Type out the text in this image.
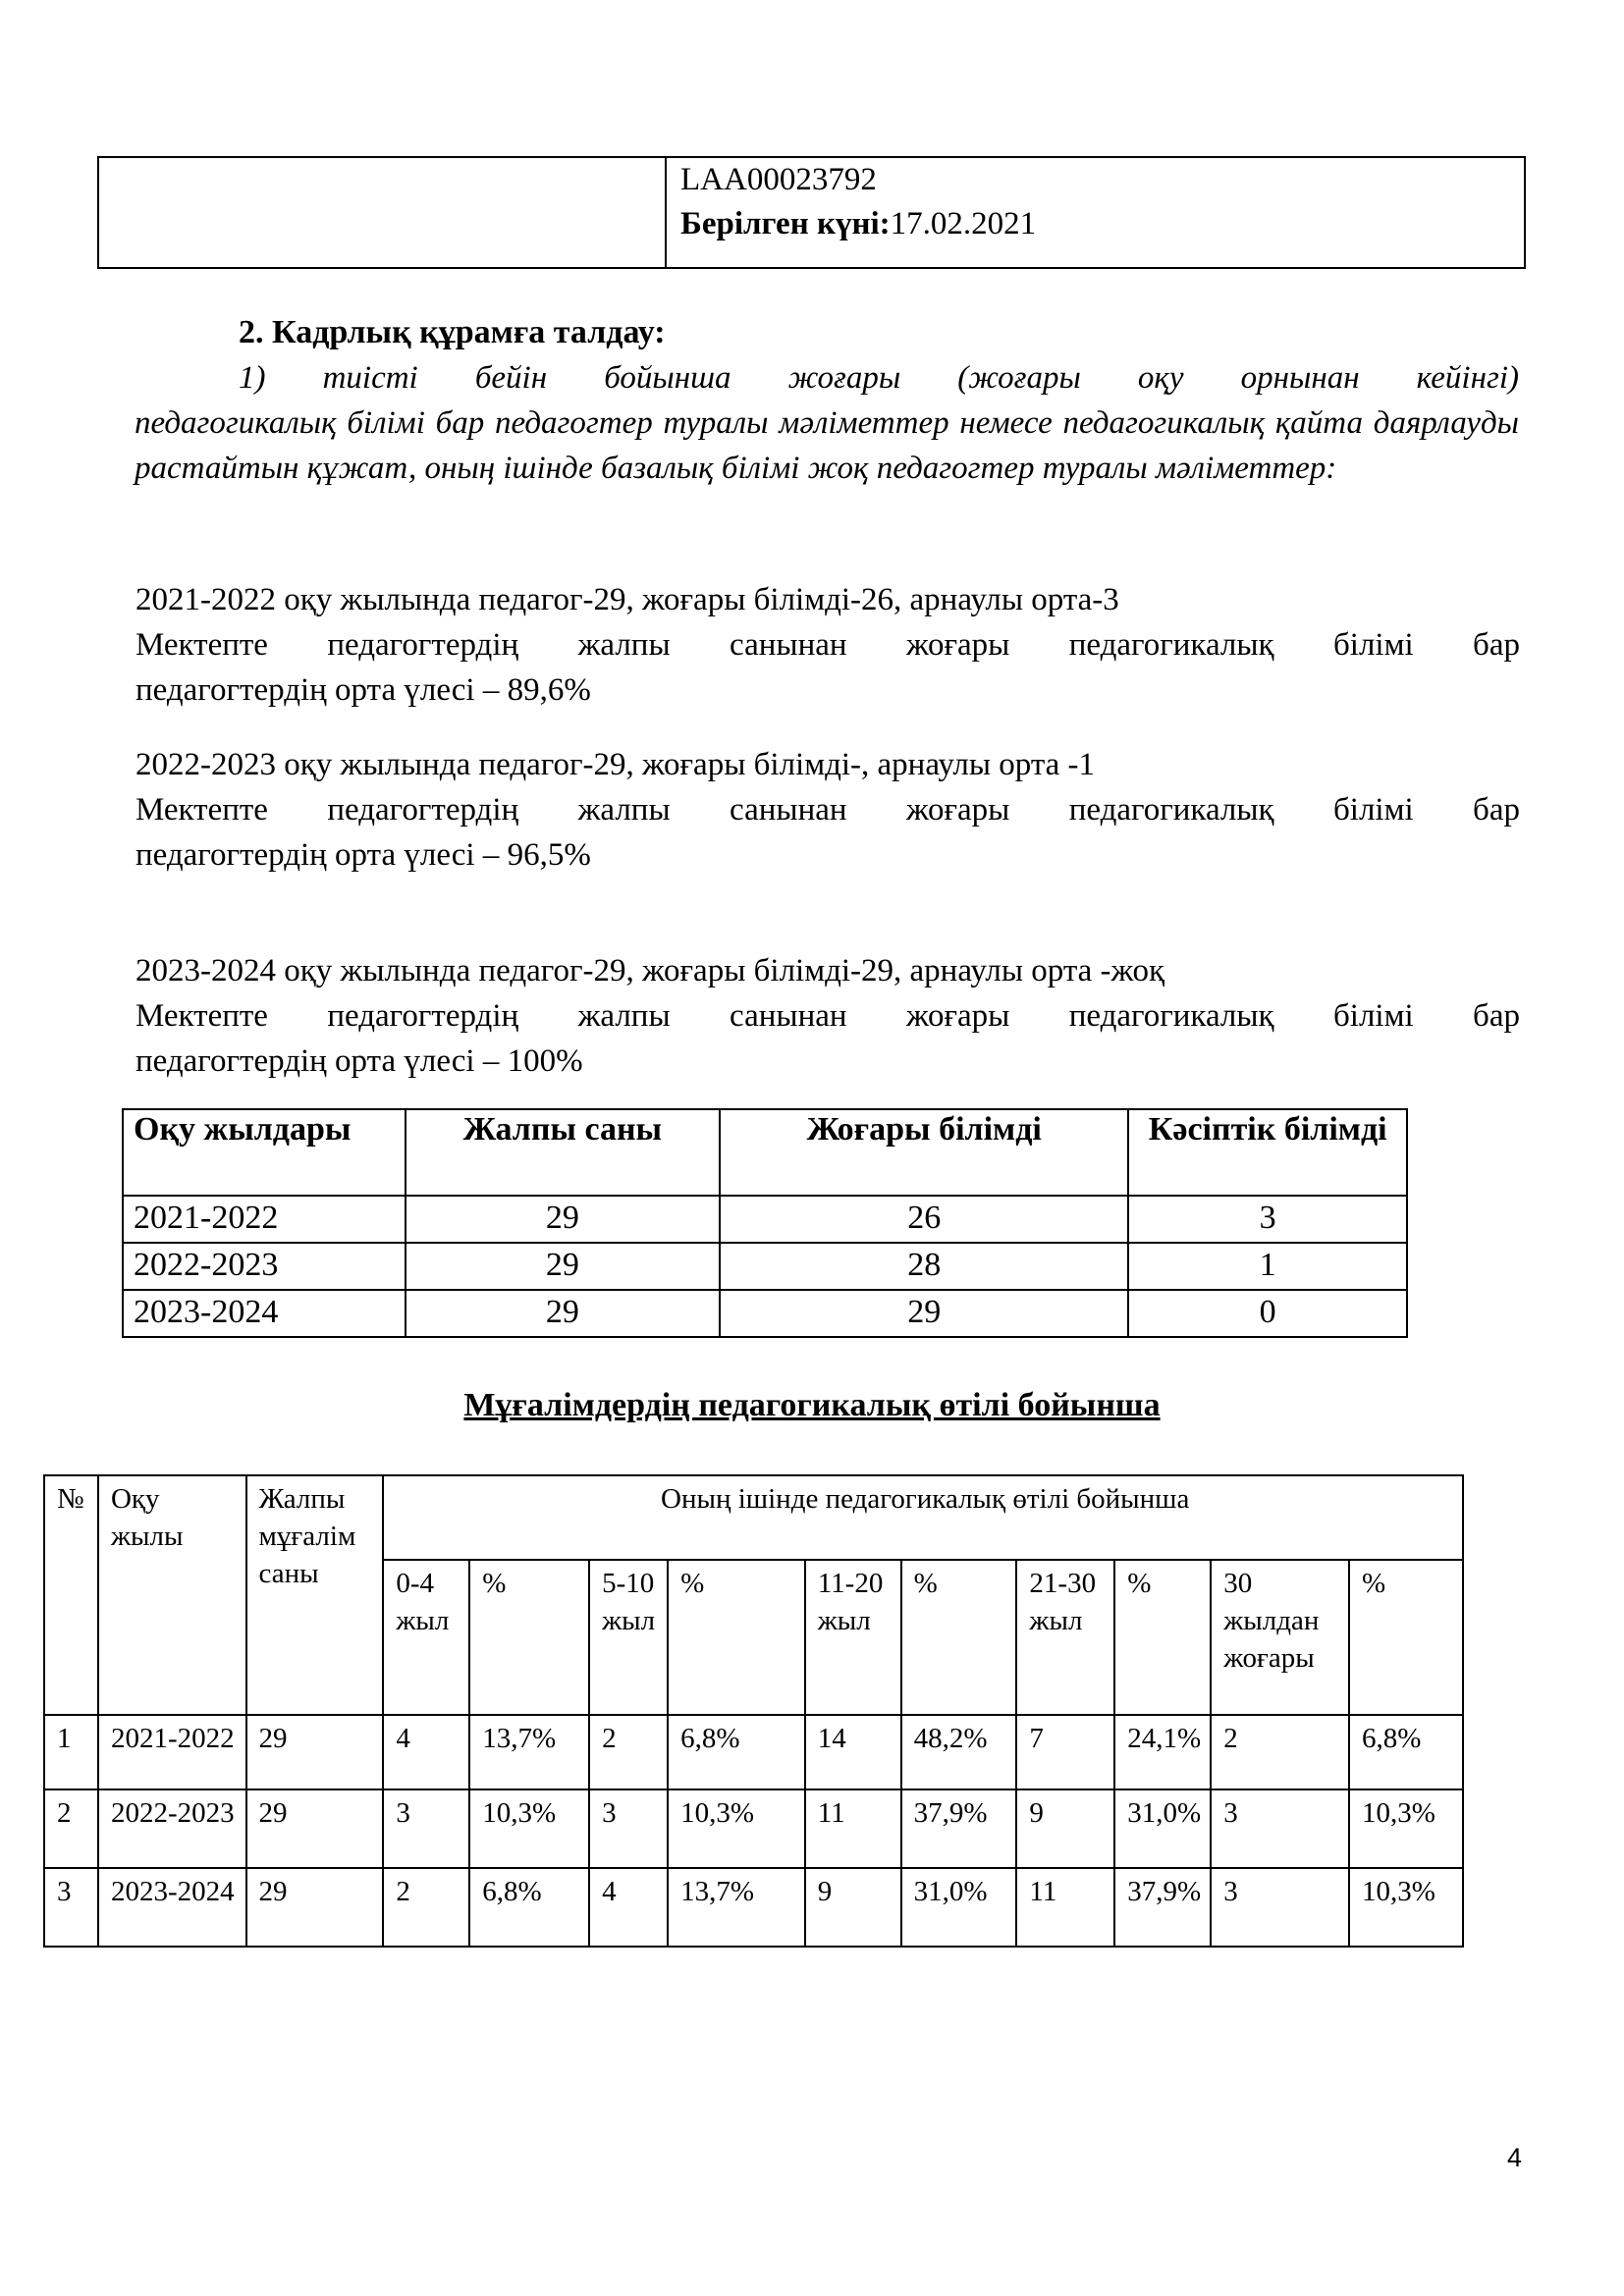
LAA00023792
Берілген күні:17.02.2021
2. Кадрлық құрамға талдау:
1) тиісті бейін бойынша жоғары (жоғары оқу орнынан кейінгі)
педагогикалық білімі бар педагогтер туралы мәліметтер немесе педагогикалық қайта даярлауды растайтын құжат, оның ішінде базалық білімі жоқ педагогтер туралы мәліметтер:
2021-2022 оқу жылында педагог-29, жоғары білімді-26, арнаулы орта-3
Мектепте педагогтердің жалпы санынан жоғары педагогикалық білімі бар
педагогтердің орта үлесі – 89,6%
2022-2023 оқу жылында педагог-29, жоғары білімді-, арнаулы орта -1
Мектепте педагогтердің жалпы санынан жоғары педагогикалық білімі бар
педагогтердің орта үлесі – 96,5%
2023-2024 оқу жылында педагог-29, жоғары білімді-29, арнаулы орта -жоқ
Мектепте педагогтердің жалпы санынан жоғары педагогикалық білімі бар
педагогтердің орта үлесі – 100%
Оқу жылдары	Жалпы саны	Жоғары білімді	Кәсіптік білімді
2021-2022	29	26	3
2022-2023	29	28	1
2023-2024	29	29	0
Мұғалімдердің педагогикалық өтілі бойынша
№	Оқу жылы	Жалпы мұғалім саны	Оның ішінде педагогикалық өтілі бойынша									
			0-4 жыл	%	5-10 жыл	%	11-20 жыл	%	21-30 жыл	%	30 жылдан жоғары	%
1	2021-2022	29	4	13,7%	2	6,8%	14	48,2%	7	24,1%	2	6,8%
2	2022-2023	29	3	10,3%	3	10,3%	11	37,9%	9	31,0%	3	10,3%
3	2023-2024	29	2	6,8%	4	13,7%	9	31,0%	11	37,9%	3	10,3%
4
